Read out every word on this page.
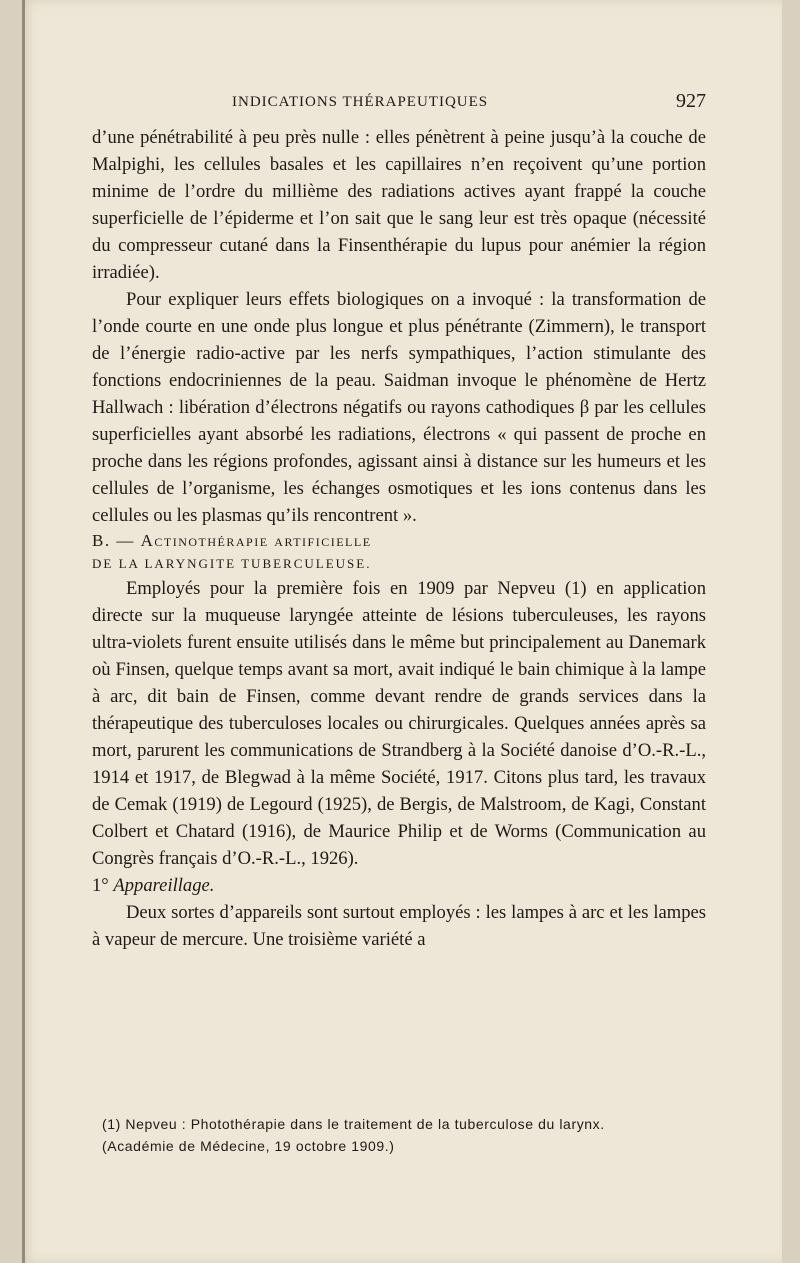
INDICATIONS THÉRAPEUTIQUES	927

d’une pénétrabilité à peu près nulle : elles pénètrent à peine jusqu’à la couche de Malpighi, les cellules basales et les capillaires n’en reçoivent qu’une portion minime de l’ordre du millième des radiations actives ayant frappé la couche superficielle de l’épiderme et l’on sait que le sang leur est très opaque (nécessité du compresseur cutané dans la Finsenthérapie du lupus pour anémier la région irradiée).

Pour expliquer leurs effets biologiques on a invoqué : la transformation de l’onde courte en une onde plus longue et plus pénétrante (Zimmern), le transport de l’énergie radio-active par les nerfs sympathiques, l’action stimulante des fonctions endocriniennes de la peau. Saidman invoque le phénomène de Hertz Hallwach : libération d’électrons négatifs ou rayons cathodiques β par les cellules superficielles ayant absorbé les radiations, électrons « qui passent de proche en proche dans les régions profondes, agissant ainsi à distance sur les humeurs et les cellules de l’organisme, les échanges osmotiques et les ions contenus dans les cellules ou les plasmas qu’ils rencontrent ».

B. — Actinothérapie artificielle

DE LA LARYNGITE TUBERCULEUSE.

Employés pour la première fois en 1909 par Nepveu (1) en application directe sur la muqueuse laryngée atteinte de lésions tuberculeuses, les rayons ultra-violets furent ensuite utilisés dans le même but principalement au Danemark où Finsen, quelque temps avant sa mort, avait indiqué le bain chimique à la lampe à arc, dit bain de Finsen, comme devant rendre de grands services dans la thérapeutique des tuberculoses locales ou chirurgicales. Quelques années après sa mort, parurent les communications de Strandberg à la Société danoise d’O.-R.-L., 1914 et 1917, de Blegwad à la même Société, 1917. Citons plus tard, les travaux de Cemak (1919) de Legourd (1925), de Bergis, de Malstroom, de Kagi, Constant Colbert et Chatard (1916), de Maurice Philip et de Worms (Communication au Congrès français d’O.-R.-L., 1926).

1° Appareillage.

Deux sortes d’appareils sont surtout employés : les lampes à arc et les lampes à vapeur de mercure. Une troisième variété a

(1) Nepveu : Photothérapie dans le traitement de la tuberculose du larynx.

(Académie de Médecine, 19 octobre 1909.)
